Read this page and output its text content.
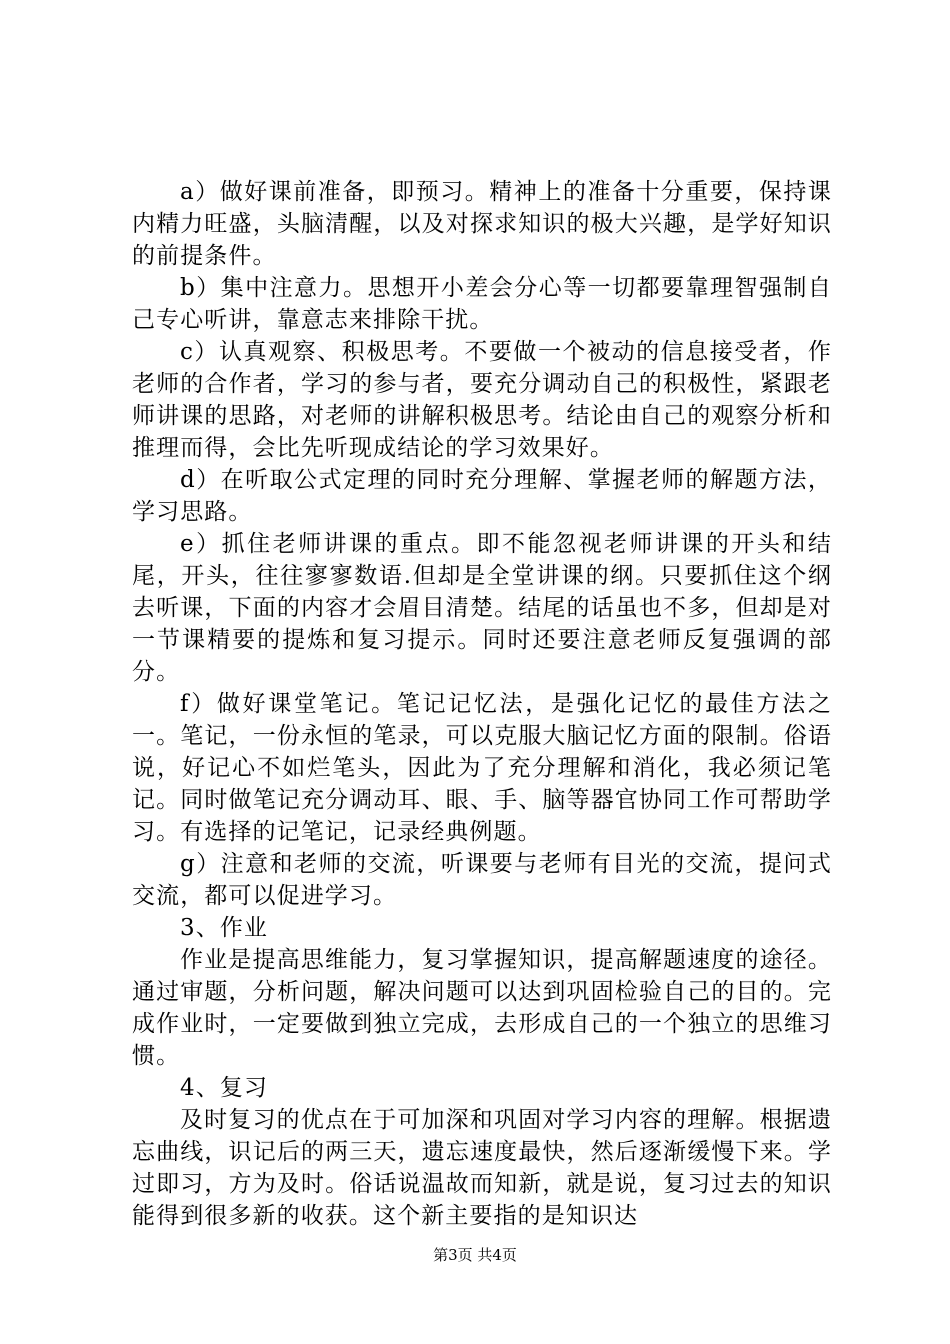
a）做好课前准备，即预习。精神上的准备十分重要，保持课内精力旺盛，头脑清醒，以及对探求知识的极大兴趣，是学好知识的前提条件。

b）集中注意力。思想开小差会分心等一切都要靠理智强制自己专心听讲，靠意志来排除干扰。

c）认真观察、积极思考。不要做一个被动的信息接受者，作老师的合作者，学习的参与者，要充分调动自己的积极性，紧跟老师讲课的思路，对老师的讲解积极思考。结论由自己的观察分析和推理而得，会比先听现成结论的学习效果好。

d）在听取公式定理的同时充分理解、掌握老师的解题方法，学习思路。

e）抓住老师讲课的重点。即不能忽视老师讲课的开头和结尾，开头，往往寥寥数语.但却是全堂讲课的纲。只要抓住这个纲去听课，下面的内容才会眉目清楚。结尾的话虽也不多，但却是对一节课精要的提炼和复习提示。同时还要注意老师反复强调的部分。

f）做好课堂笔记。笔记记忆法，是强化记忆的最佳方法之一。笔记，一份永恒的笔录，可以克服大脑记忆方面的限制。俗语说，好记心不如烂笔头，因此为了充分理解和消化，我必须记笔记。同时做笔记充分调动耳、眼、手、脑等器官协同工作可帮助学习。有选择的记笔记，记录经典例题。

g）注意和老师的交流，听课要与老师有目光的交流，提问式交流，都可以促进学习。

3、作业

作业是提高思维能力，复习掌握知识，提高解题速度的途径。通过审题，分析问题，解决问题可以达到巩固检验自己的目的。完成作业时，一定要做到独立完成，去形成自己的一个独立的思维习惯。

4、复习

及时复习的优点在于可加深和巩固对学习内容的理解。根据遗忘曲线，识记后的两三天，遗忘速度最快，然后逐渐缓慢下来。学过即习，方为及时。俗话说温故而知新，就是说，复习过去的知识能得到很多新的收获。这个新主要指的是知识达

第3页 共4页
